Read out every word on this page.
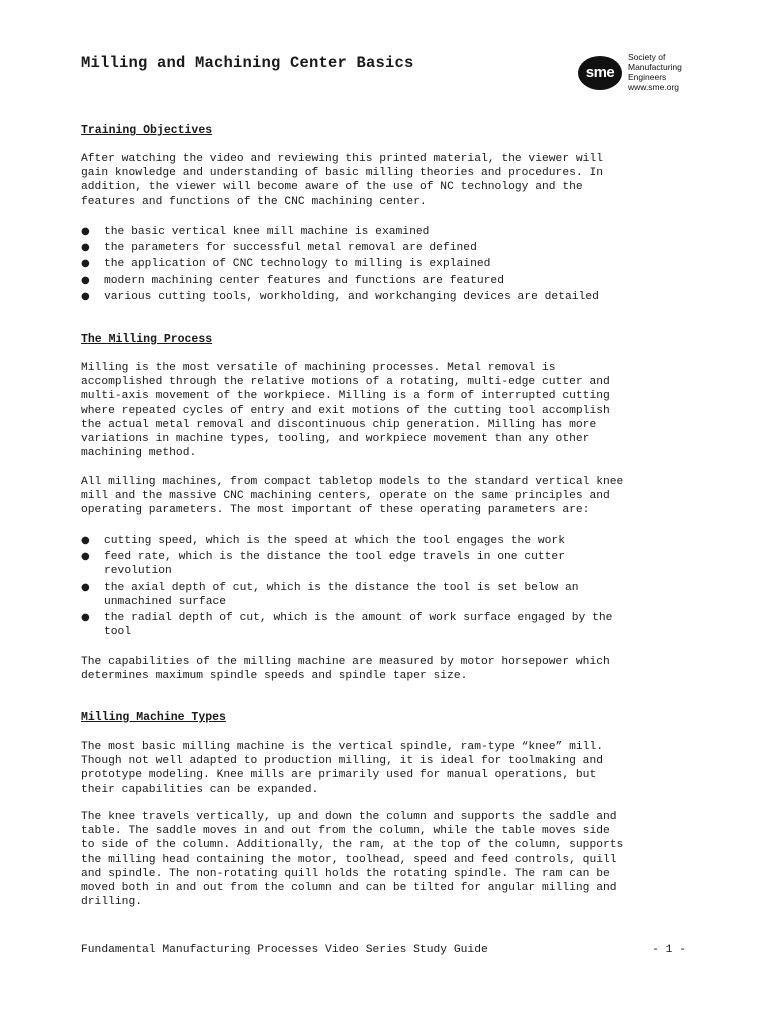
Milling and Machining Center Basics
sme
Society of
Manufacturing
Engineers
www.sme.org
Training Objectives

After watching the video and reviewing this printed material, the viewer will
gain knowledge and understanding of basic milling theories and procedures. In
addition, the viewer will become aware of the use of NC technology and the
features and functions of the CNC machining center.

● the basic vertical knee mill machine is examined
● the parameters for successful metal removal are defined
● the application of CNC technology to milling is explained
● modern machining center features and functions are featured
● various cutting tools, workholding, and workchanging devices are detailed
The Milling Process

Milling is the most versatile of machining processes. Metal removal is
accomplished through the relative motions of a rotating, multi-edge cutter and
multi-axis movement of the workpiece. Milling is a form of interrupted cutting
where repeated cycles of entry and exit motions of the cutting tool accomplish
the actual metal removal and discontinuous chip generation. Milling has more
variations in machine types, tooling, and workpiece movement than any other
machining method.

All milling machines, from compact tabletop models to the standard vertical knee
mill and the massive CNC machining centers, operate on the same principles and
operating parameters. The most important of these operating parameters are:

● cutting speed, which is the speed at which the tool engages the work
● feed rate, which is the distance the tool edge travels in one cutter
revolution
● the axial depth of cut, which is the distance the tool is set below an
unmachined surface
● the radial depth of cut, which is the amount of work surface engaged by the
tool

The capabilities of the milling machine are measured by motor horsepower which
determines maximum spindle speeds and spindle taper size.

Milling Machine Types

The most basic milling machine is the vertical spindle, ram-type “knee” mill.
Though not well adapted to production milling, it is ideal for toolmaking and
prototype modeling. Knee mills are primarily used for manual operations, but
their capabilities can be expanded.

The knee travels vertically, up and down the column and supports the saddle and
table. The saddle moves in and out from the column, while the table moves side
to side of the column. Additionally, the ram, at the top of the column, supports
the milling head containing the motor, toolhead, speed and feed controls, quill
and spindle. The non-rotating quill holds the rotating spindle. The ram can be
moved both in and out from the column and can be tilted for angular milling and
drilling.

Fundamental Manufacturing Processes Video Series Study Guide	- 1 -
